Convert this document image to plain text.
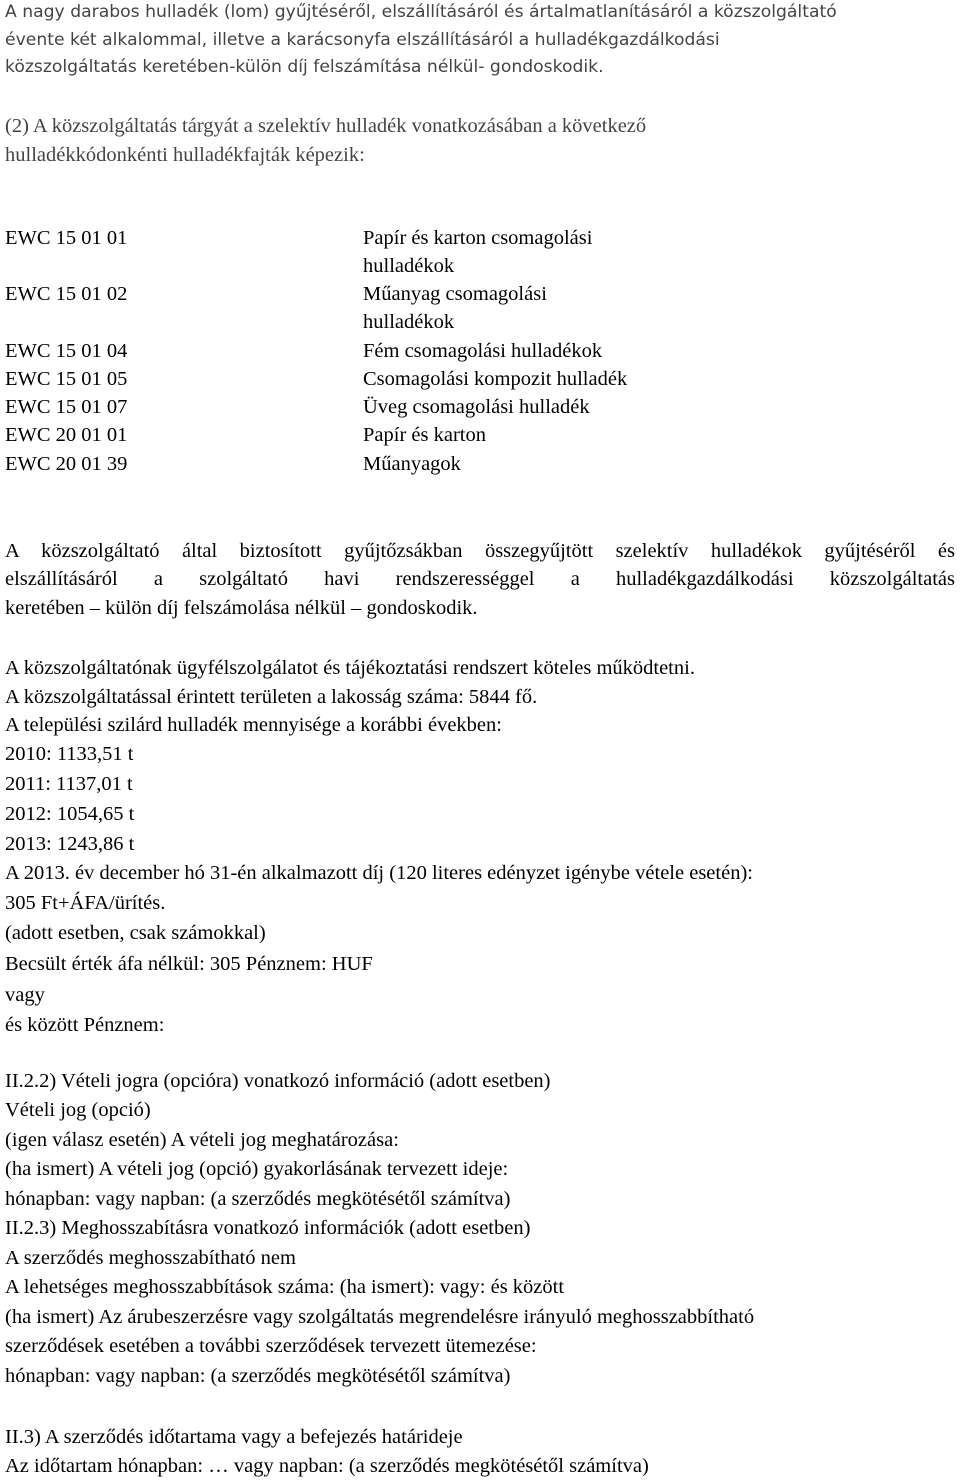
A nagy darabos hulladék (lom) gyűjtéséről, elszállításáról és ártalmatlanításáról a közszolgáltató
évente két alkalommal, illetve a karácsonyfa elszállításáról a hulladékgazdálkodási
közszolgáltatás keretében-külön díj felszámítása nélkül- gondoskodik.
(2) A közszolgáltatás tárgyát a szelektív hulladék vonatkozásában a következő
hulladékkódonkénti hulladékfajták képezik:
EWC 15 01 01	Papír és karton csomagolási
hulladékok
EWC 15 01 02	Műanyag csomagolási
hulladékok
EWC 15 01 04	Fém csomagolási hulladékok
EWC 15 01 05	Csomagolási kompozit hulladék
EWC 15 01 07	Üveg csomagolási hulladék
EWC 20 01 01	Papír és karton
EWC 20 01 39	Műanyagok
A közszolgáltató által biztosított gyűjtőzsákban összegyűjtött szelektív hulladékok gyűjtéséről és
elszállításáról a szolgáltató havi rendszerességgel a hulladékgazdálkodási közszolgáltatás
keretében – külön díj felszámolása nélkül – gondoskodik.
A közszolgáltatónak ügyfélszolgálatot és tájékoztatási rendszert köteles működtetni.
A közszolgáltatással érintett területen a lakosság száma: 5844 fő.
A települési szilárd hulladék mennyisége a korábbi években:
2010: 1133,51 t
2011: 1137,01 t
2012: 1054,65 t
2013: 1243,86 t
A 2013. év december hó 31-én alkalmazott díj (120 literes edényzet igénybe vétele esetén):
305 Ft+ÁFA/ürítés.
(adott esetben, csak számokkal)
Becsült érték áfa nélkül: 305 Pénznem: HUF
vagy
és között Pénznem:
II.2.2) Vételi jogra (opcióra) vonatkozó információ (adott esetben)
Vételi jog (opció)
(igen válasz esetén) A vételi jog meghatározása:
(ha ismert) A vételi jog (opció) gyakorlásának tervezett ideje:
hónapban: vagy napban: (a szerződés megkötésétől számítva)
II.2.3) Meghosszabításra vonatkozó információk (adott esetben)
A szerződés meghosszabítható nem
A lehetséges meghosszabbítások száma: (ha ismert): vagy: és között
(ha ismert) Az árubeszerzésre vagy szolgáltatás megrendelésre irányuló meghosszabbítható
szerződések esetében a további szerződések tervezett ütemezése:
hónapban: vagy napban: (a szerződés megkötésétől számítva)
II.3) A szerződés időtartama vagy a befejezés határideje
Az időtartam hónapban: … vagy napban: (a szerződés megkötésétől számítva)
